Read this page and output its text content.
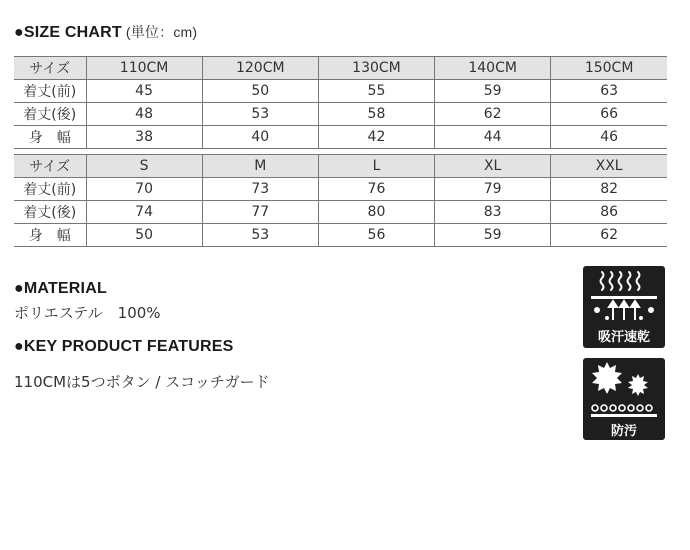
●SIZE CHART (単位：cm)
サイズ	110CM	120CM	130CM	140CM	150CM
着丈(前)	45	50	55	59	63
着丈(後)	48	53	58	62	66
身　幅	38	40	42	44	46
サイズ	S	M	L	XL	XXL
着丈(前)	70	73	76	79	82
着丈(後)	74	77	80	83	86
身　幅	50	53	56	59	62
●MATERIAL
ポリエステル　100%
●KEY PRODUCT FEATURES
110CMは5つボタン / スコッチガード
吸汗速乾
防汚
